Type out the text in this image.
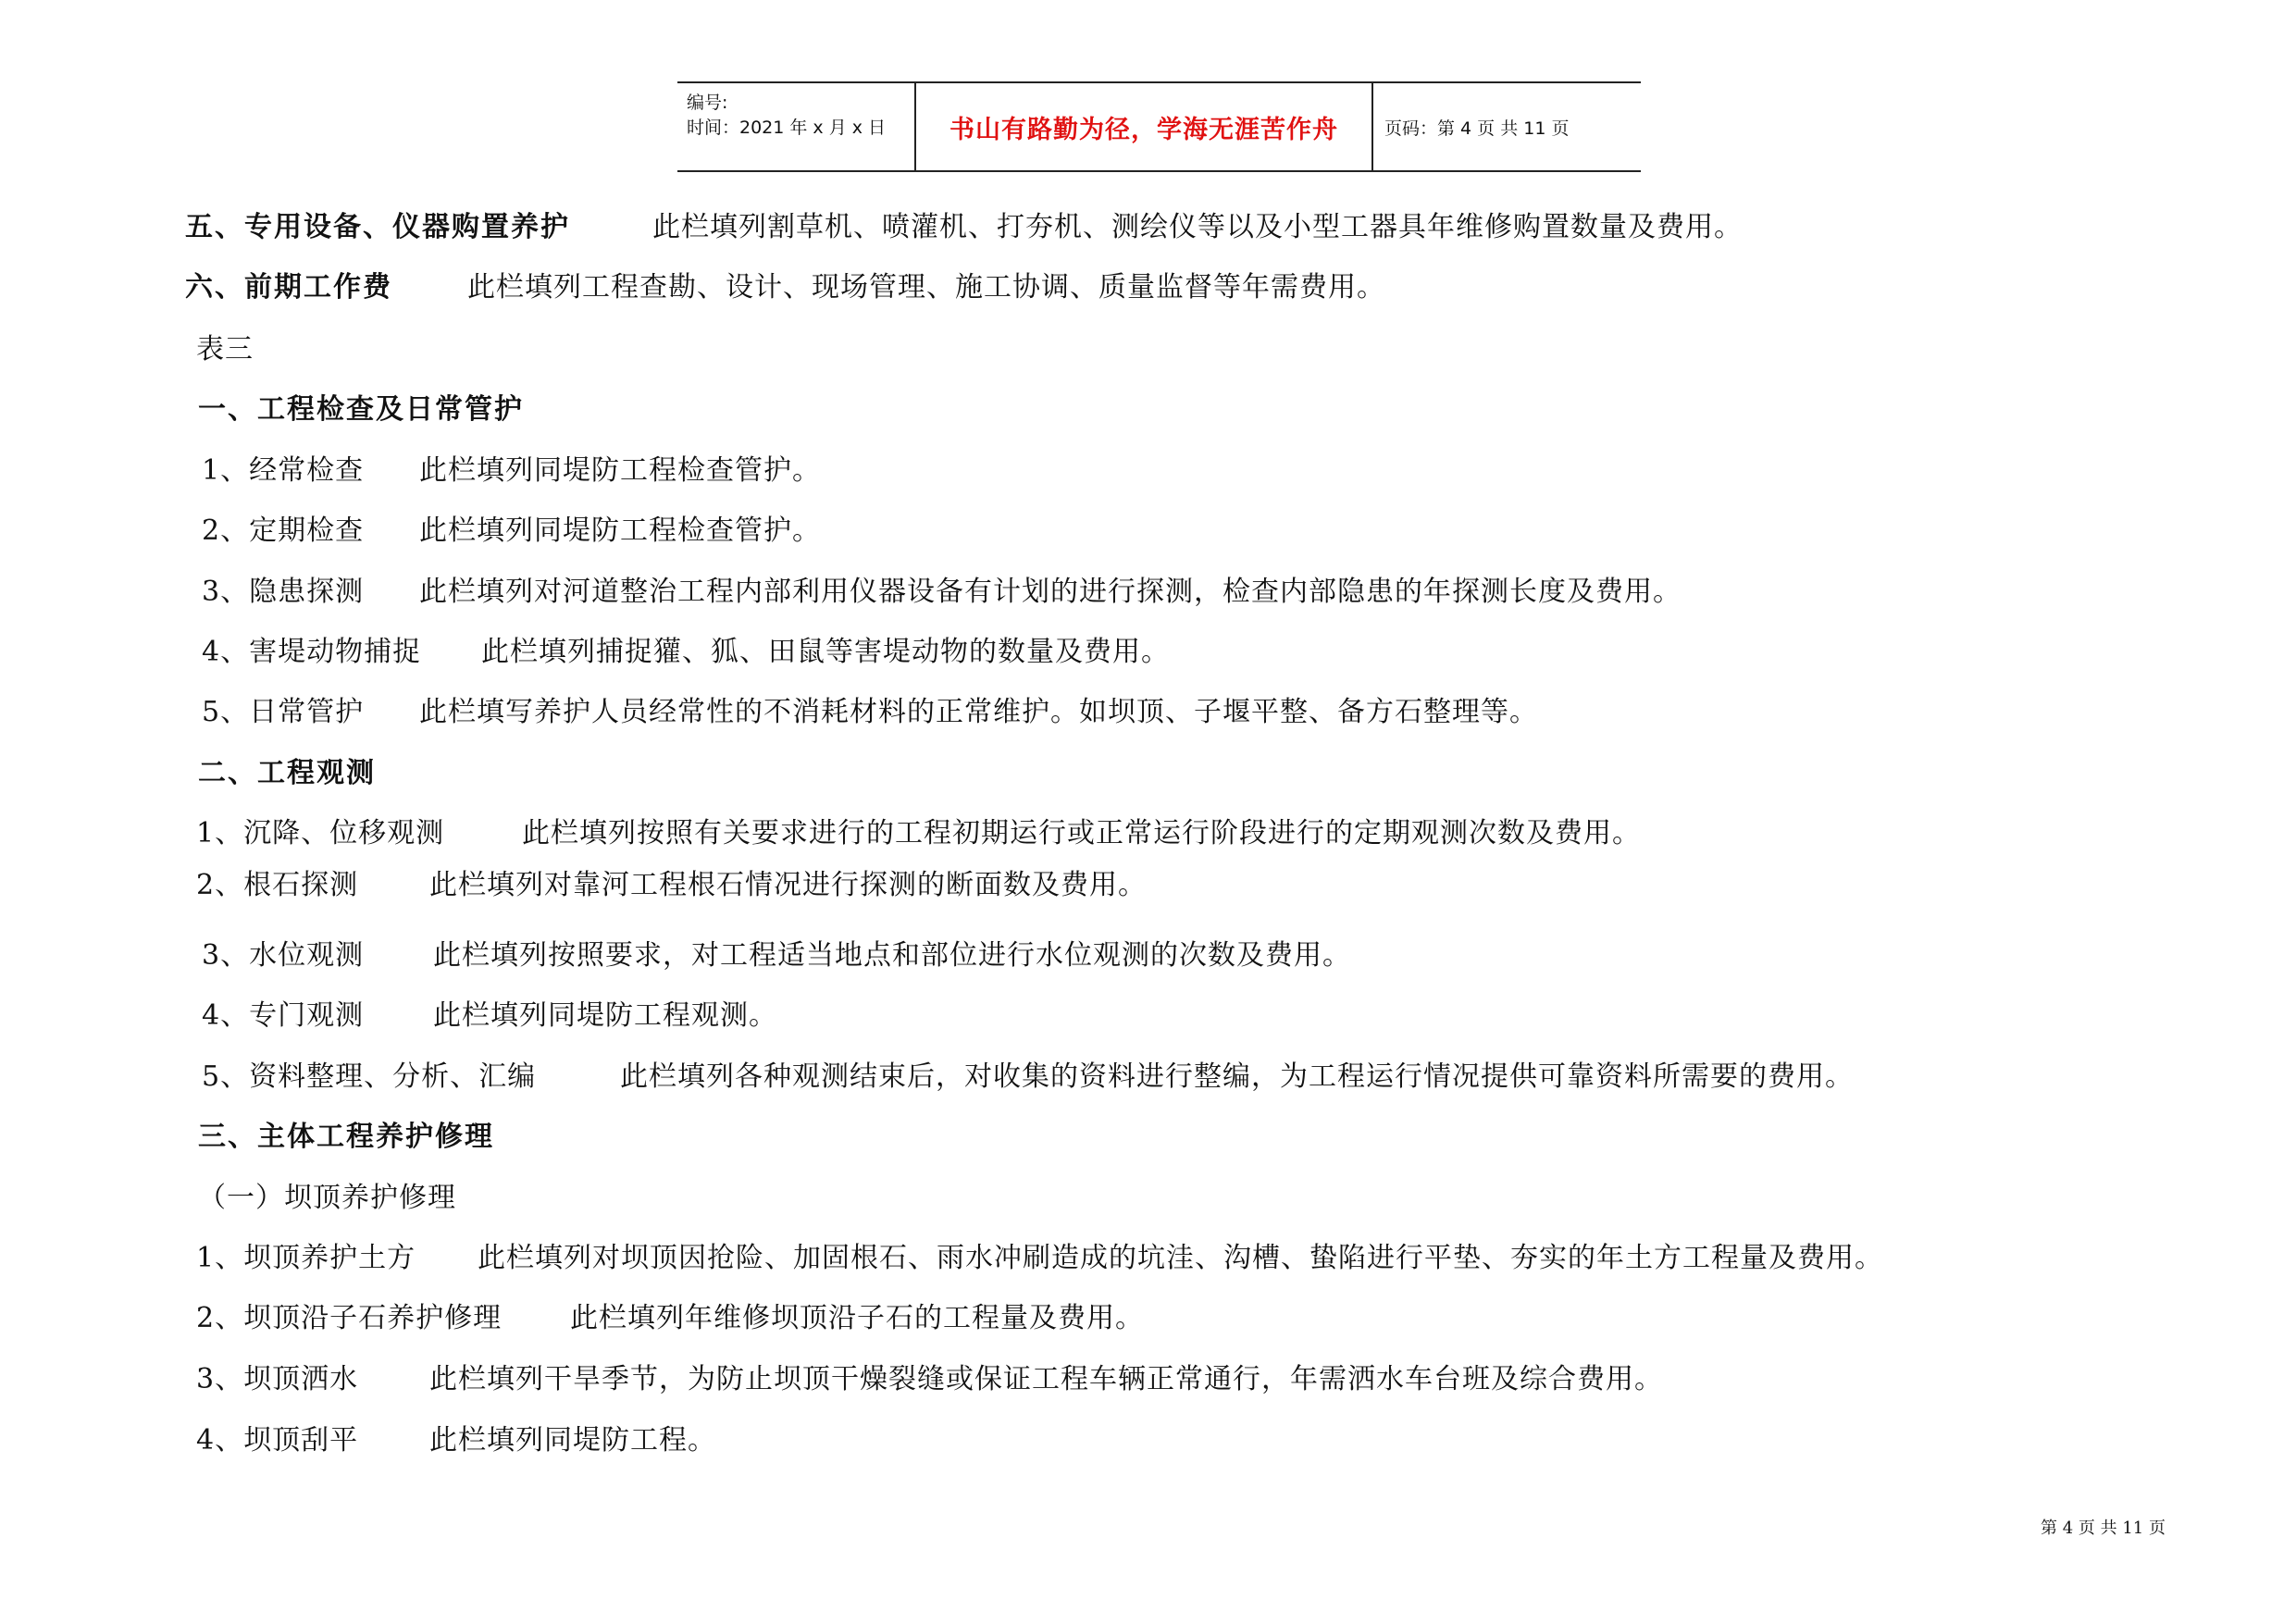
编号:
时间：2021 年 x 月 x 日	书山有路勤为径，学海无涯苦作舟	页码：第 4 页 共 11 页
五、专用设备、仪器购置养护	此栏填列割草机、喷灌机、打夯机、测绘仪等以及小型工器具年维修购置数量及费用。
六、前期工作费	此栏填列工程查勘、设计、现场管理、施工协调、质量监督等年需费用。
表三
一、工程检查及日常管护
1、经常检查 此栏填列同堤防工程检查管护。
2、定期检查 此栏填列同堤防工程检查管护。
3、隐患探测 此栏填列对河道整治工程内部利用仪器设备有计划的进行探测，检查内部隐患的年探测长度及费用。
4、害堤动物捕捉 此栏填列捕捉獾、狐、田鼠等害堤动物的数量及费用。
5、日常管护 此栏填写养护人员经常性的不消耗材料的正常维护。如坝顶、子堰平整、备方石整理等。
二、工程观测
1、沉降、位移观测	此栏填列按照有关要求进行的工程初期运行或正常运行阶段进行的定期观测次数及费用。
2、根石探测	此栏填列对靠河工程根石情况进行探测的断面数及费用。
3、水位观测 此栏填列按照要求，对工程适当地点和部位进行水位观测的次数及费用。
4、专门观测 此栏填列同堤防工程观测。
5、资料整理、分析、汇编	此栏填列各种观测结束后，对收集的资料进行整编，为工程运行情况提供可靠资料所需要的费用。
三、主体工程养护修理
（一）坝顶养护修理
1、坝顶养护土方 此栏填列对坝顶因抢险、加固根石、雨水冲刷造成的坑洼、沟槽、蛰陷进行平垫、夯实的年土方工程量及费用。
2、坝顶沿子石养护修理 此栏填列年维修坝顶沿子石的工程量及费用。
3、坝顶洒水	此栏填列干旱季节，为防止坝顶干燥裂缝或保证工程车辆正常通行，年需洒水车台班及综合费用。
4、坝顶刮平	此栏填列同堤防工程。
第 4 页 共 11 页
